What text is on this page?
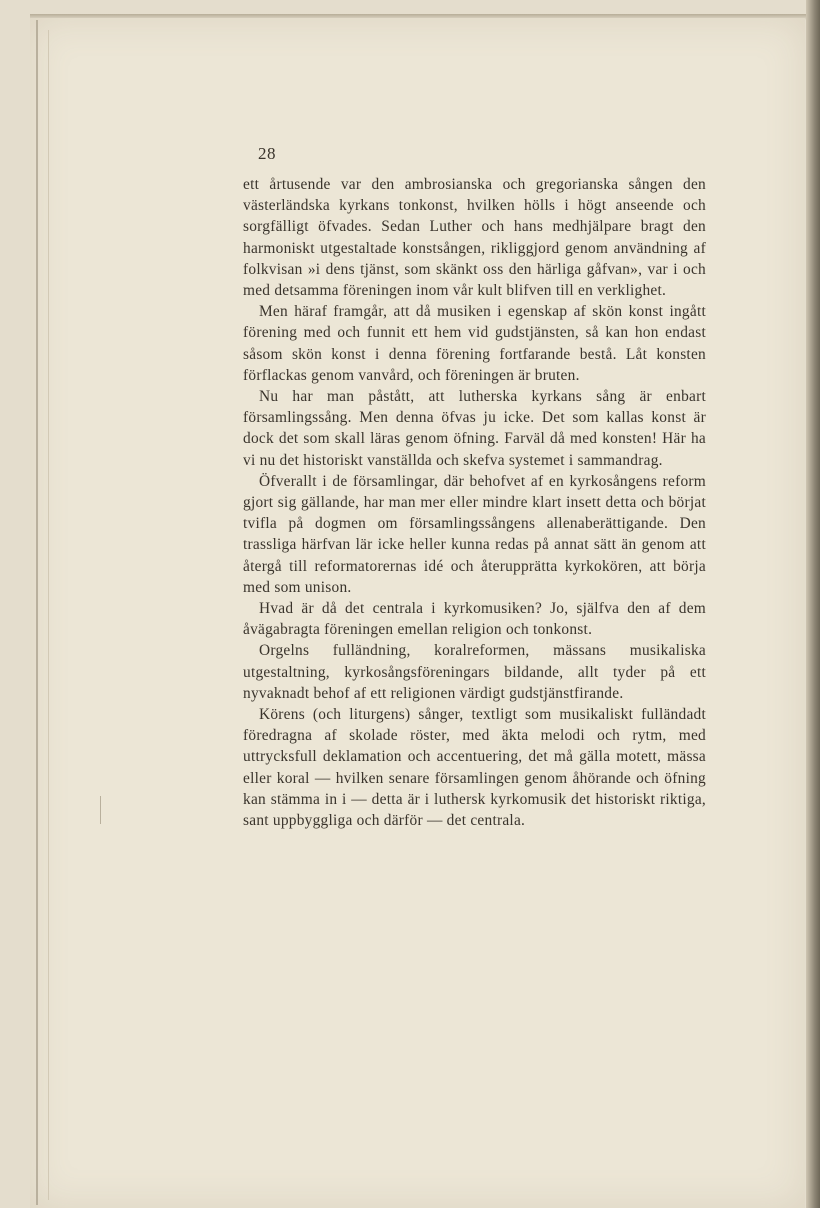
28

ett årtusende var den ambrosianska och gregorianska sången den västerländska kyrkans tonkonst, hvilken hölls i högt anseende och sorgfälligt öfvades. Sedan Luther och hans medhjälpare bragt den harmoniskt utgestaltade konstsången, rikliggjord genom användning af folkvisan »i dens tjänst, som skänkt oss den härliga gåfvan», var i och med detsamma föreningen inom vår kult blifven till en verklighet.

Men häraf framgår, att då musiken i egenskap af skön konst ingått förening med och funnit ett hem vid gudstjänsten, så kan hon endast såsom skön konst i denna förening fortfarande bestå. Låt konsten förflackas genom vanvård, och föreningen är bruten.

Nu har man påstått, att lutherska kyrkans sång är enbart församlingssång. Men denna öfvas ju icke. Det som kallas konst är dock det som skall läras genom öfning. Farväl då med konsten! Här ha vi nu det historiskt vanställda och skefva systemet i sammandrag.

Öfverallt i de församlingar, där behofvet af en kyrkosångens reform gjort sig gällande, har man mer eller mindre klart insett detta och börjat tvifla på dogmen om församlingssångens allenaberättigande. Den trassliga härfvan lär icke heller kunna redas på annat sätt än genom att återgå till reformatorernas idé och återupprätta kyrkokören, att börja med som unison.

Hvad är då det centrala i kyrkomusiken? Jo, själfva den af dem åvägabragta föreningen emellan religion och tonkonst.

Orgelns fulländning, koralreformen, mässans musikaliska utgestaltning, kyrkosångsföreningars bildande, allt tyder på ett nyvaknadt behof af ett religionen värdigt gudstjänstfirande.

Körens (och liturgens) sånger, textligt som musikaliskt fulländadt föredragna af skolade röster, med äkta melodi och rytm, med uttrycksfull deklamation och accentuering, det må gälla motett, mässa eller koral — hvilken senare församlingen genom åhörande och öfning kan stämma in i — detta är i luthersk kyrkomusik det historiskt riktiga, sant uppbyggliga och därför — det centrala.
